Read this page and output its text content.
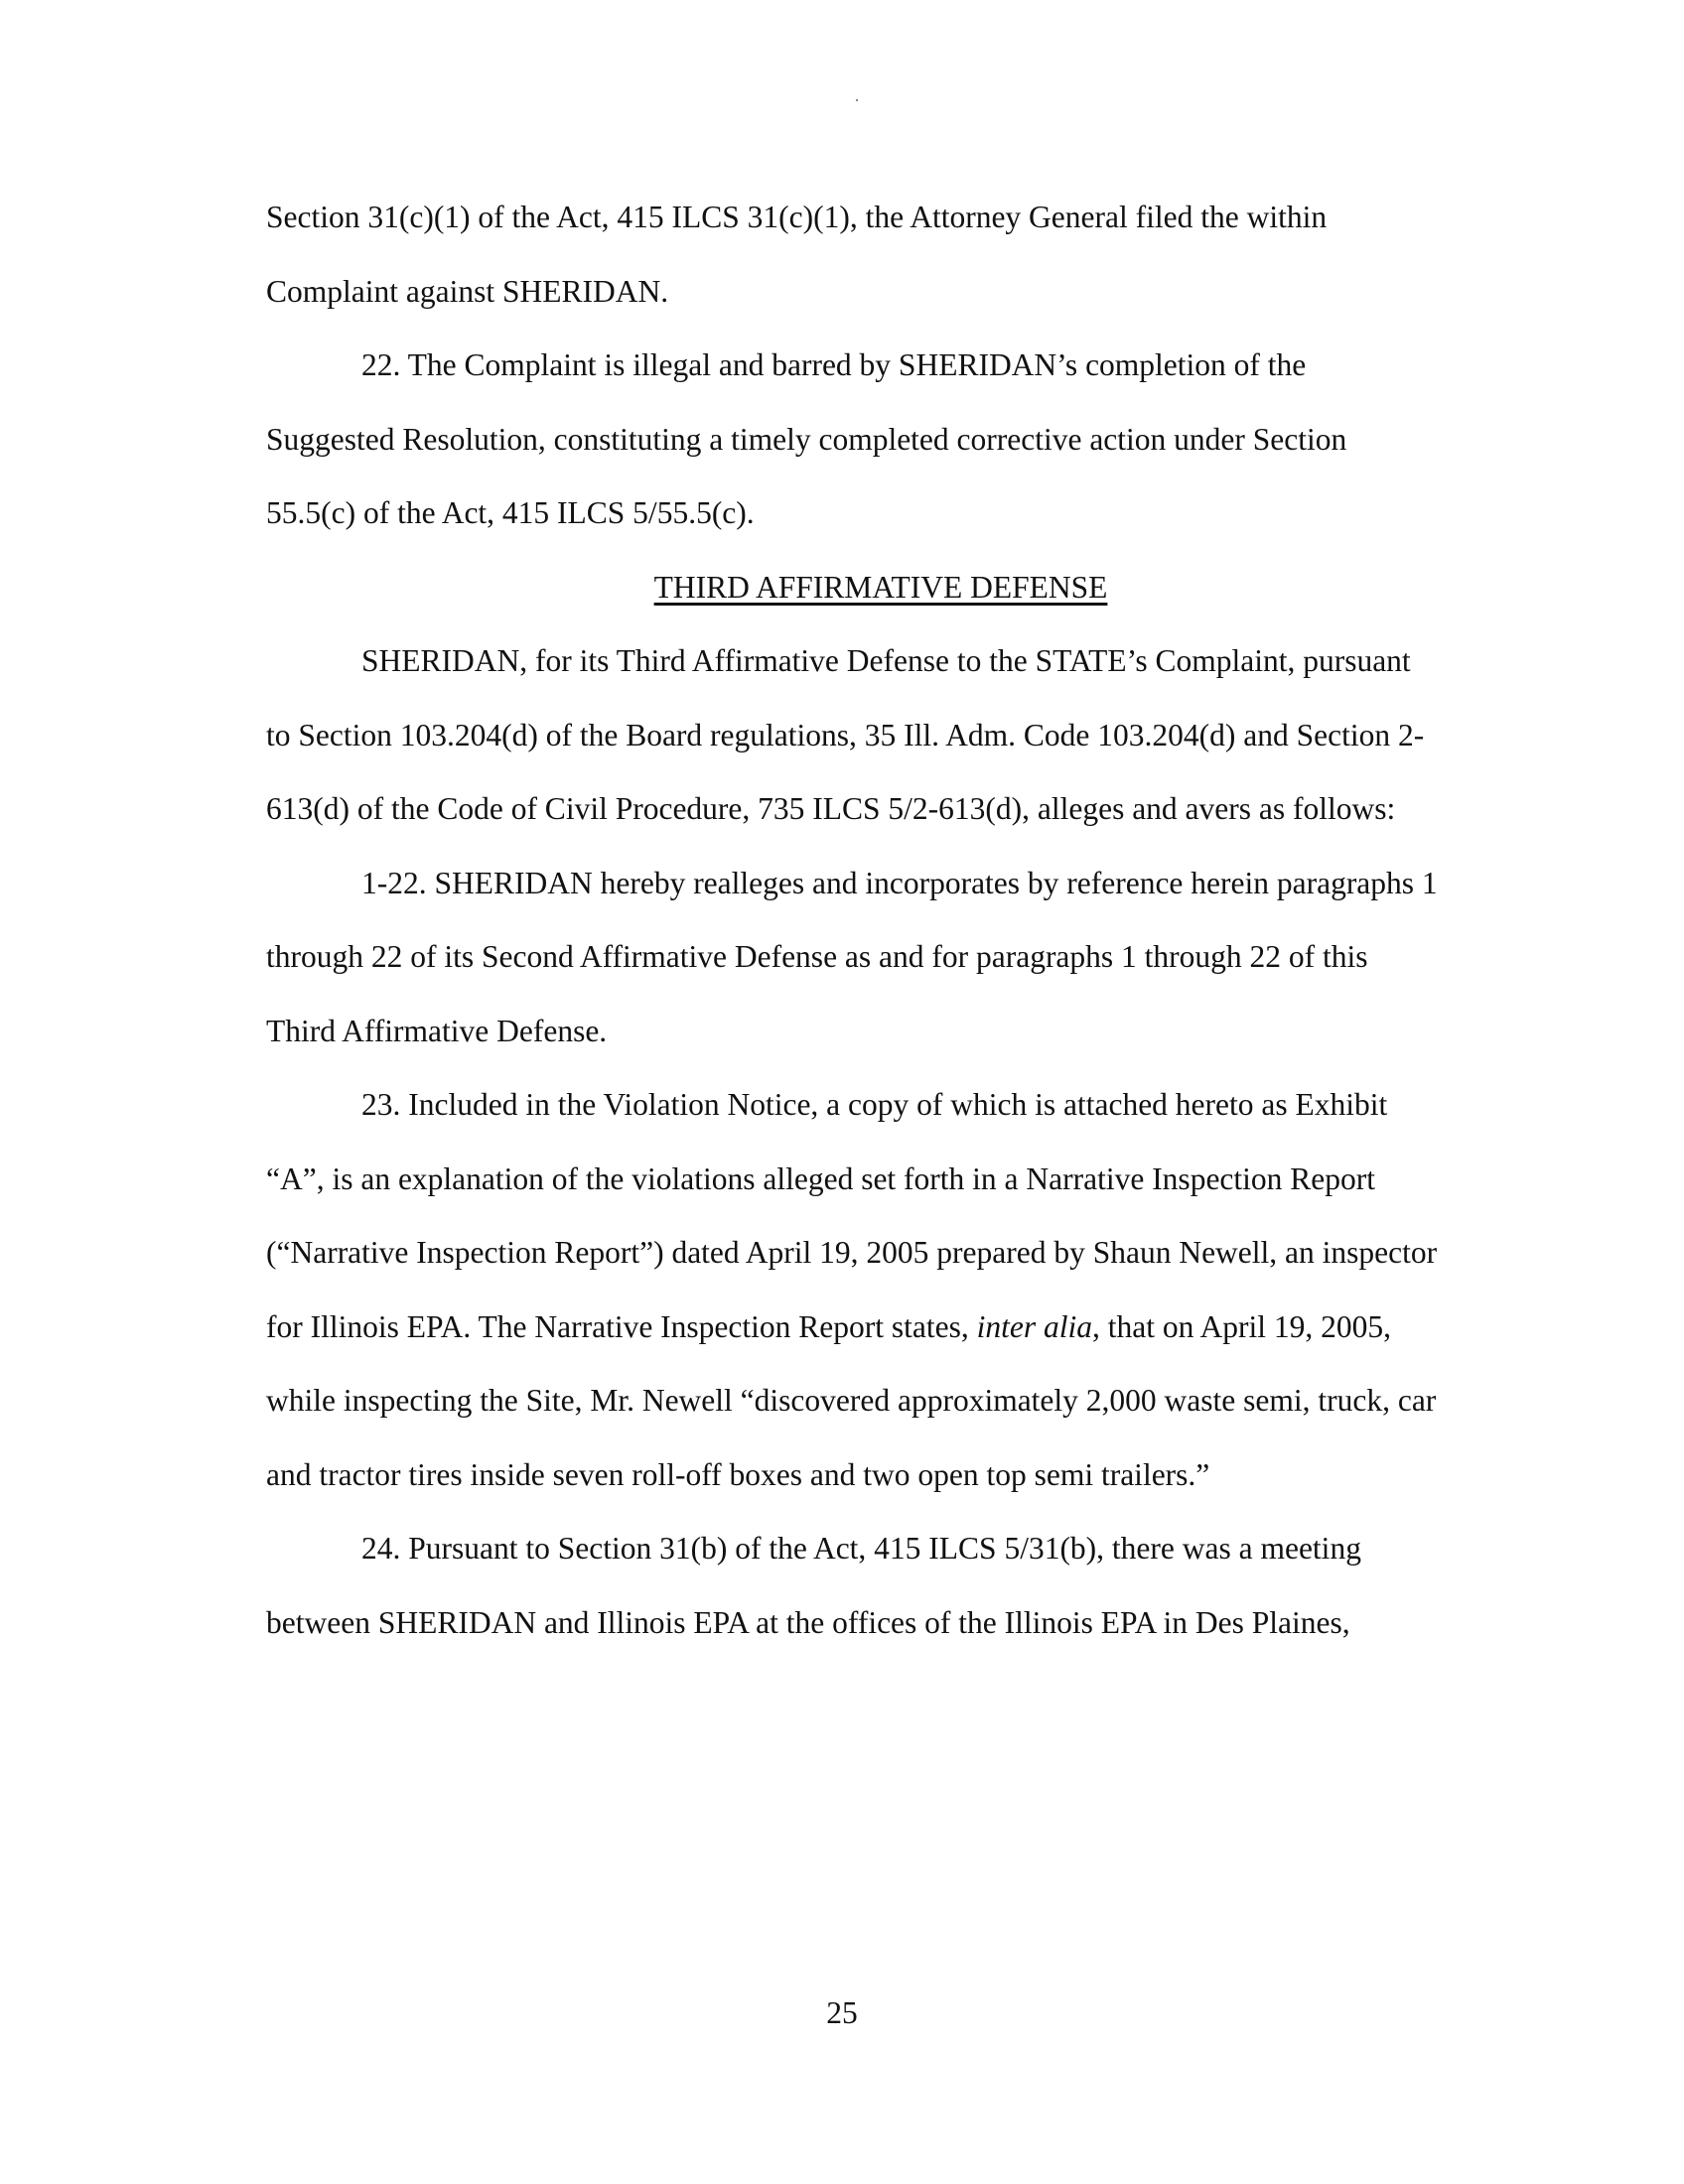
Section 31(c)(1) of the Act, 415 ILCS 31(c)(1), the Attorney General filed the within Complaint against SHERIDAN.

22. The Complaint is illegal and barred by SHERIDAN’s completion of the Suggested Resolution, constituting a timely completed corrective action under Section 55.5(c) of the Act, 415 ILCS 5/55.5(c).

THIRD AFFIRMATIVE DEFENSE

SHERIDAN, for its Third Affirmative Defense to the STATE’s Complaint, pursuant to Section 103.204(d) of the Board regulations, 35 Ill. Adm. Code 103.204(d) and Section 2-613(d) of the Code of Civil Procedure, 735 ILCS 5/2-613(d), alleges and avers as follows:

1-22. SHERIDAN hereby realleges and incorporates by reference herein paragraphs 1 through 22 of its Second Affirmative Defense as and for paragraphs 1 through 22 of this Third Affirmative Defense.

23. Included in the Violation Notice, a copy of which is attached hereto as Exhibit “A”, is an explanation of the violations alleged set forth in a Narrative Inspection Report (“Narrative Inspection Report”) dated April 19, 2005 prepared by Shaun Newell, an inspector for Illinois EPA. The Narrative Inspection Report states, inter alia, that on April 19, 2005, while inspecting the Site, Mr. Newell “discovered approximately 2,000 waste semi, truck, car and tractor tires inside seven roll-off boxes and two open top semi trailers.”

24. Pursuant to Section 31(b) of the Act, 415 ILCS 5/31(b), there was a meeting between SHERIDAN and Illinois EPA at the offices of the Illinois EPA in Des Plaines,

25
